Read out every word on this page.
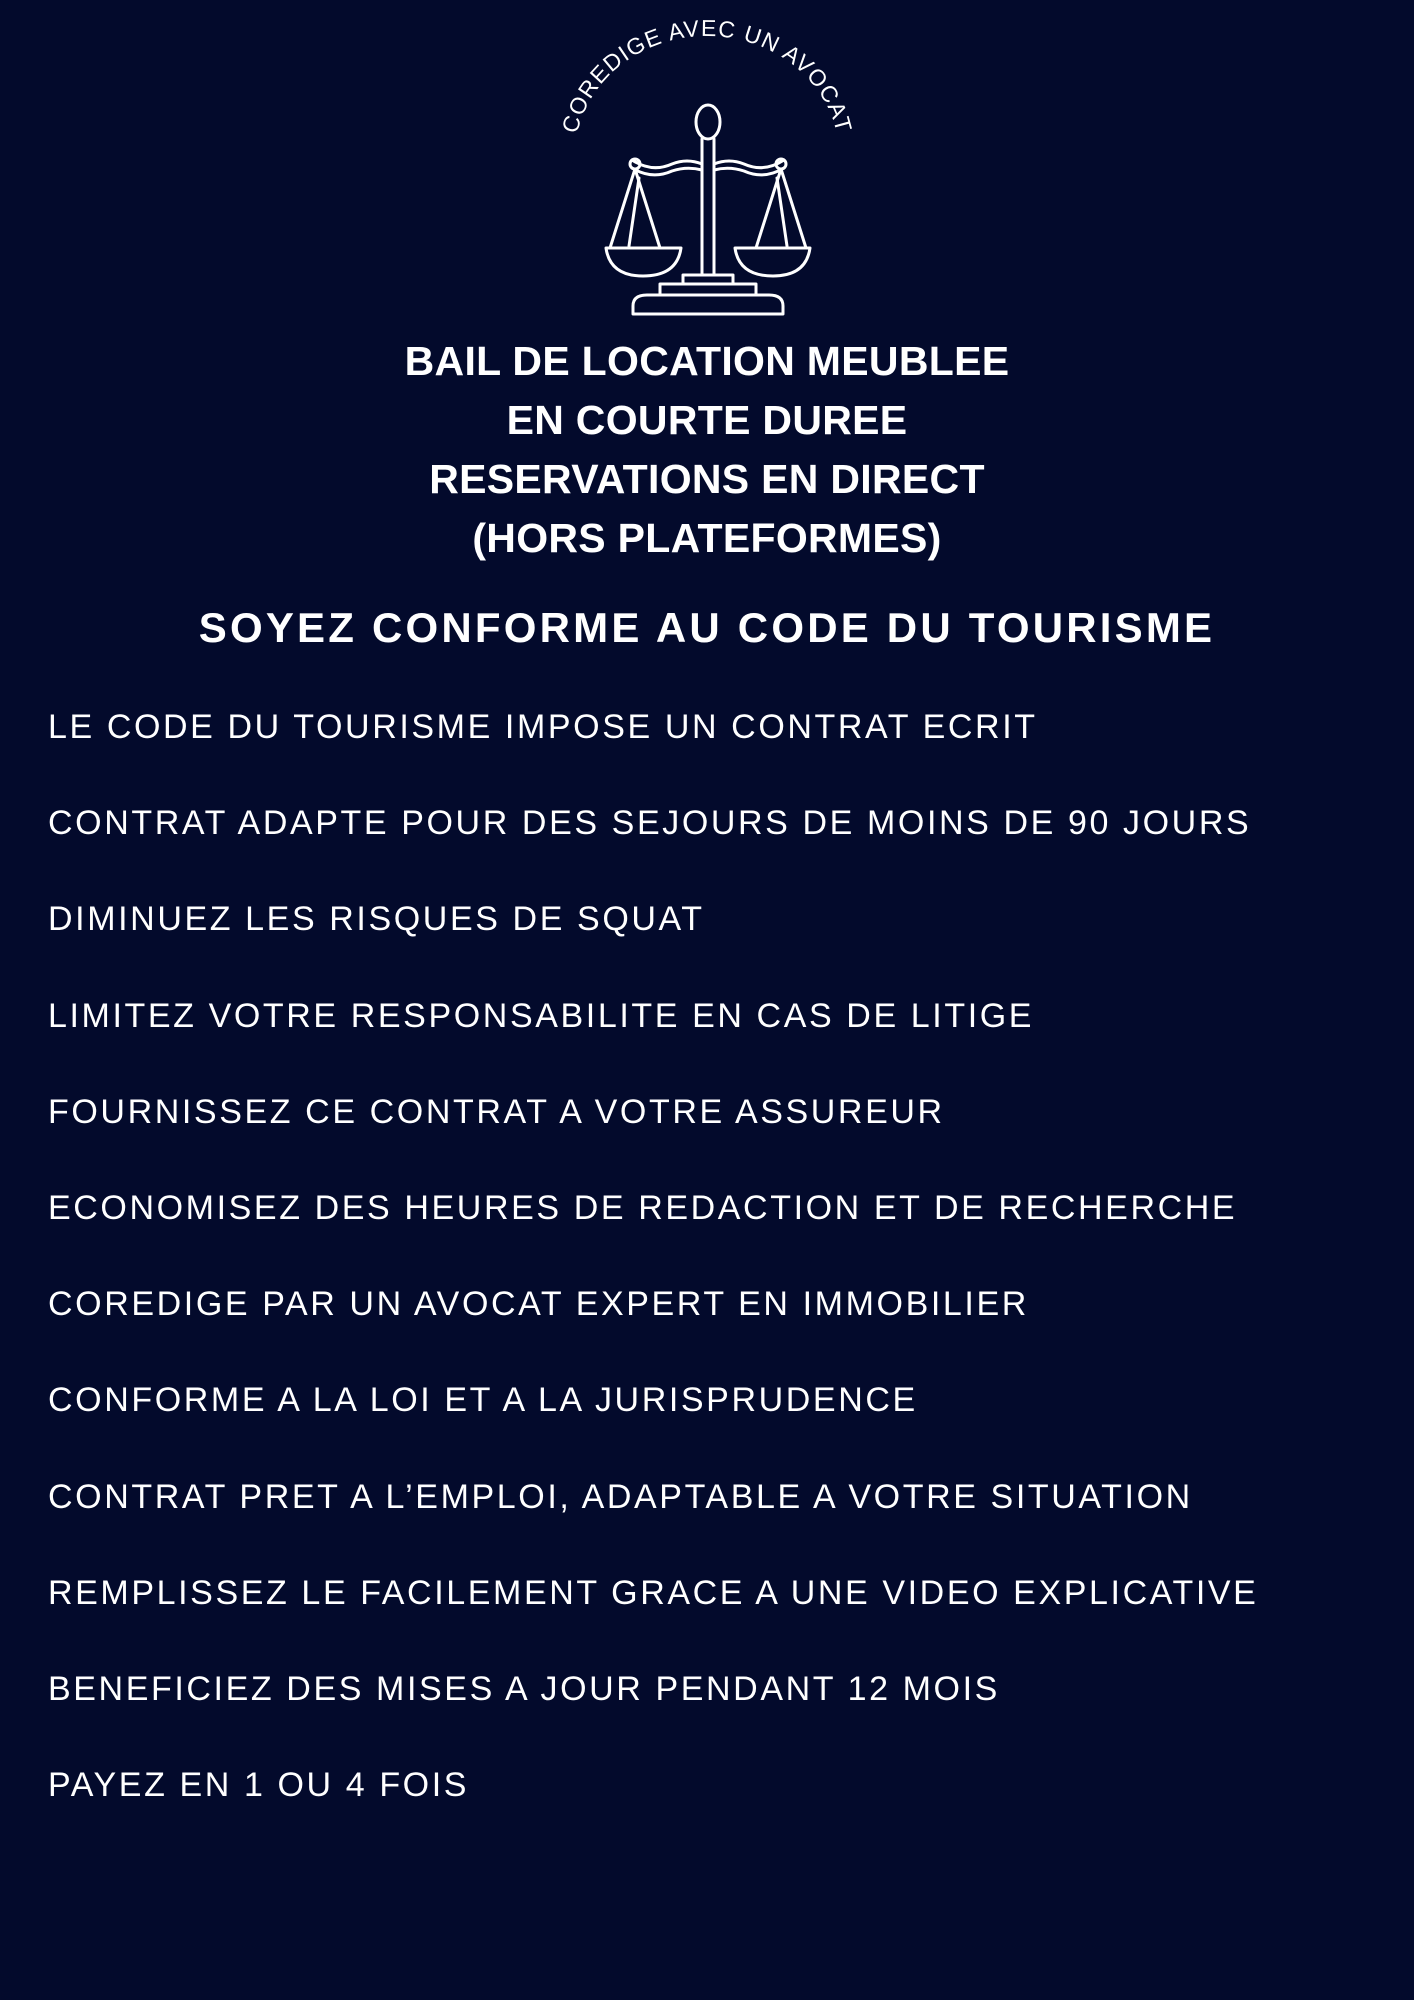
COREDIGE AVEC UN AVOCAT
BAIL DE LOCATION MEUBLEE
EN COURTE DUREE
RESERVATIONS EN DIRECT
(HORS PLATEFORMES)
SOYEZ CONFORME AU CODE DU TOURISME
LE CODE DU TOURISME IMPOSE UN CONTRAT ECRIT
CONTRAT ADAPTE POUR DES SEJOURS DE MOINS DE 90 JOURS
DIMINUEZ LES RISQUES DE SQUAT
LIMITEZ VOTRE RESPONSABILITE EN CAS DE LITIGE
FOURNISSEZ CE CONTRAT A VOTRE ASSUREUR
ECONOMISEZ DES HEURES DE REDACTION ET DE RECHERCHE
COREDIGE PAR UN AVOCAT EXPERT EN IMMOBILIER
CONFORME A LA LOI ET A LA JURISPRUDENCE
CONTRAT PRET A L’EMPLOI, ADAPTABLE A VOTRE SITUATION
REMPLISSEZ LE FACILEMENT GRACE A UNE VIDEO EXPLICATIVE
BENEFICIEZ DES MISES A JOUR PENDANT 12 MOIS
PAYEZ EN 1 OU 4 FOIS
